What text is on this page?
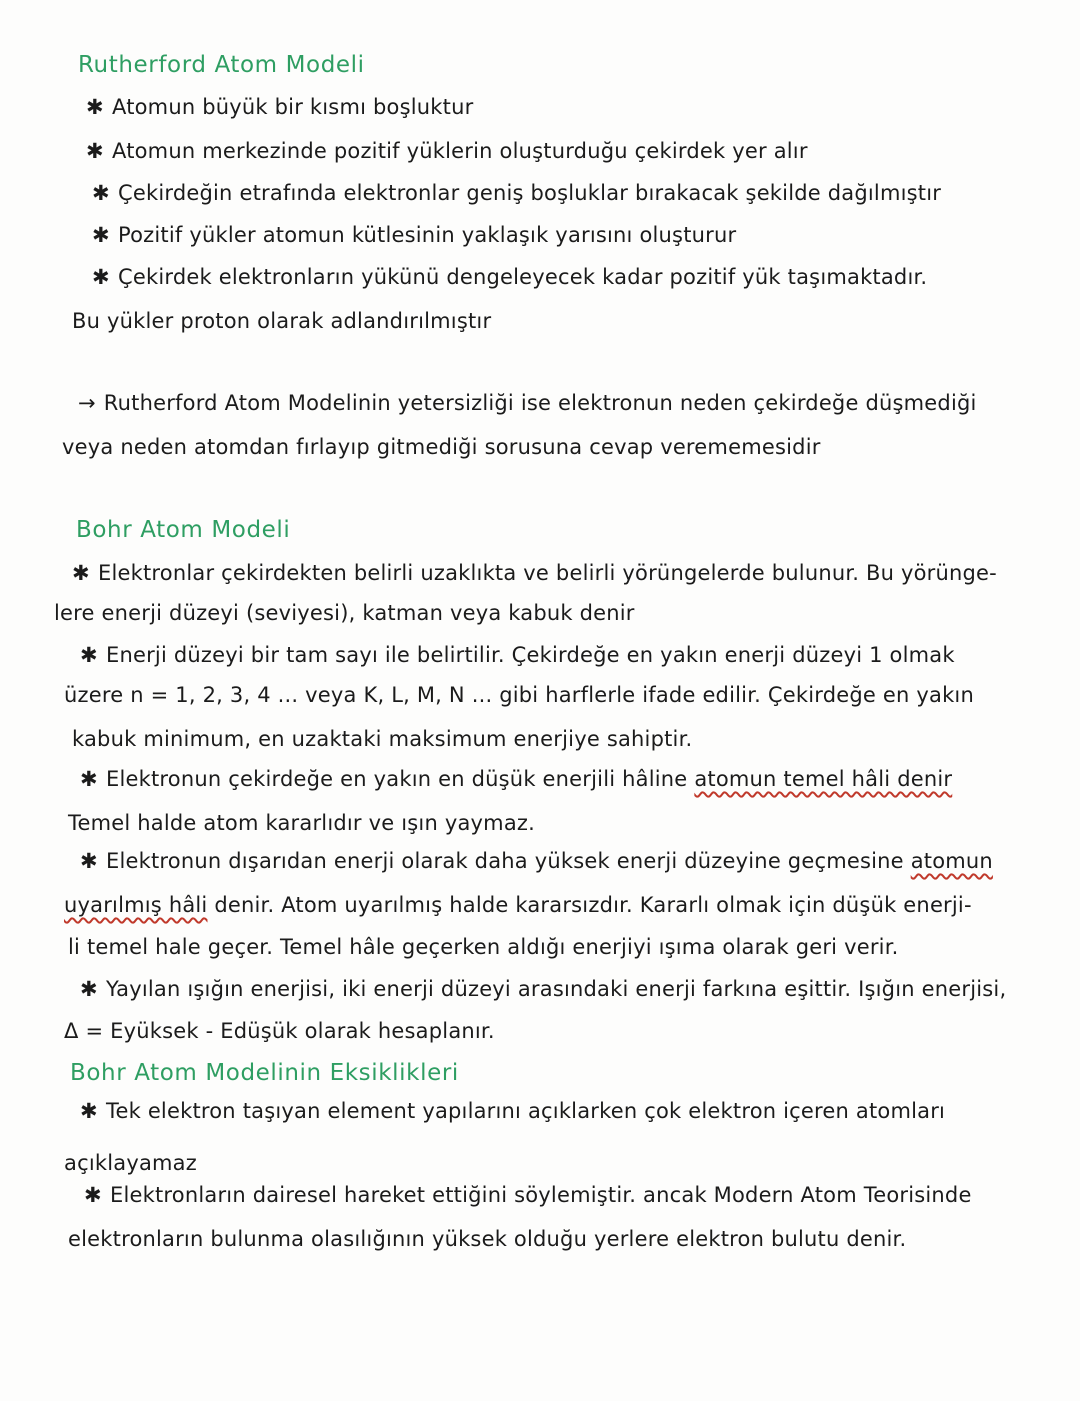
Rutherford Atom Modeli
✱ Atomun büyük bir kısmı boşluktur
✱ Atomun merkezinde pozitif yüklerin oluşturduğu çekirdek yer alır
✱ Çekirdeğin etrafında elektronlar geniş boşluklar bırakacak şekilde dağılmıştır
✱ Pozitif yükler atomun kütlesinin yaklaşık yarısını oluşturur
✱ Çekirdek elektronların yükünü dengeleyecek kadar pozitif yük taşımaktadır.
Bu yükler proton olarak adlandırılmıştır
→ Rutherford Atom Modelinin yetersizliği ise elektronun neden çekirdeğe düşmediği
veya neden atomdan fırlayıp gitmediği sorusuna cevap verememesidir
Bohr Atom Modeli
✱ Elektronlar çekirdekten belirli uzaklıkta ve belirli yörüngelerde bulunur. Bu yörünge-
lere enerji düzeyi (seviyesi), katman veya kabuk denir
✱ Enerji düzeyi bir tam sayı ile belirtilir. Çekirdeğe en yakın enerji düzeyi 1 olmak
üzere n = 1, 2, 3, 4 ... veya K, L, M, N ... gibi harflerle ifade edilir. Çekirdeğe en yakın
kabuk minimum, en uzaktaki maksimum enerjiye sahiptir.
✱ Elektronun çekirdeğe en yakın en düşük enerjili hâline atomun temel hâli denir
Temel halde atom kararlıdır ve ışın yaymaz.
✱ Elektronun dışarıdan enerji olarak daha yüksek enerji düzeyine geçmesine atomun
uyarılmış hâli denir. Atom uyarılmış halde kararsızdır. Kararlı olmak için düşük enerji-
li temel hale geçer. Temel hâle geçerken aldığı enerjiyi ışıma olarak geri verir.
✱ Yayılan ışığın enerjisi, iki enerji düzeyi arasındaki enerji farkına eşittir. Işığın enerjisi,
Δ = Eyüksek - Edüşük olarak hesaplanır.
Bohr Atom Modelinin Eksiklikleri
✱ Tek elektron taşıyan element yapılarını açıklarken çok elektron içeren atomları
açıklayamaz
✱ Elektronların dairesel hareket ettiğini söylemiştir. ancak Modern Atom Teorisinde
elektronların bulunma olasılığının yüksek olduğu yerlere elektron bulutu denir.
